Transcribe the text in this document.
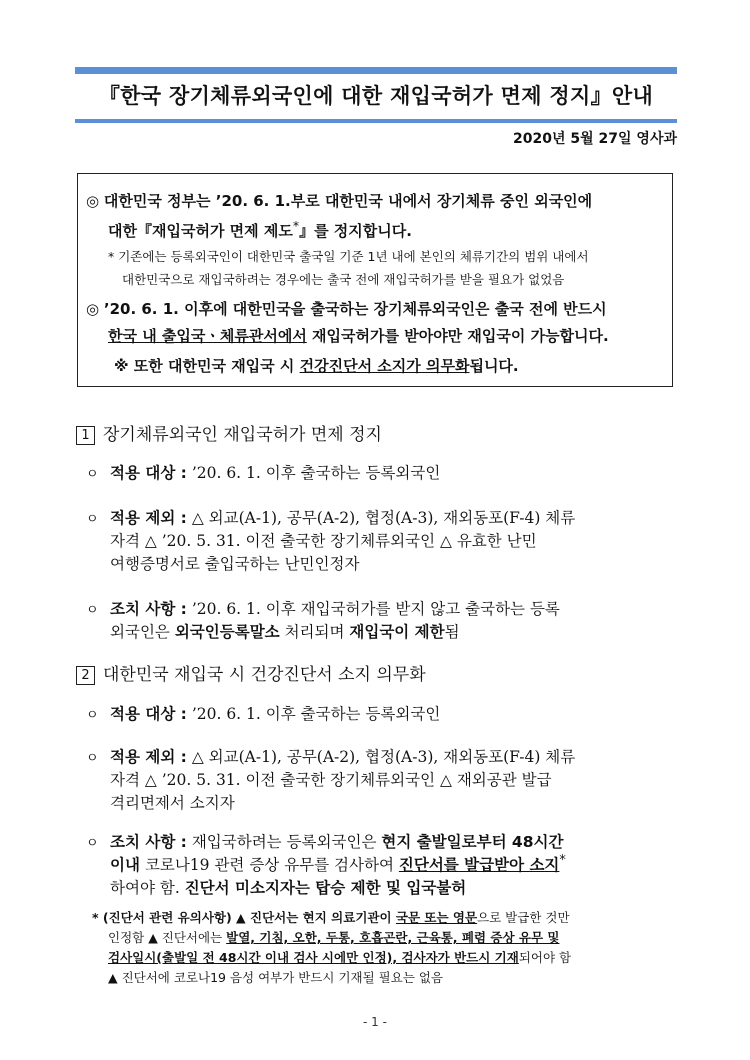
『한국 장기체류외국인에 대한 재입국허가 면제 정지』안내
2020년 5월 27일 영사과
◎ 대한민국 정부는 ’20. 6. 1.부로 대한민국 내에서 장기체류 중인 외국인에
대한『재입국허가 면제 제도*』를 정지합니다.
* 기존에는 등록외국인이 대한민국 출국일 기준 1년 내에 본인의 체류기간의 범위 내에서
대한민국으로 재입국하려는 경우에는 출국 전에 재입국허가를 받을 필요가 없었음
◎ ’20. 6. 1. 이후에 대한민국을 출국하는 장기체류외국인은 출국 전에 반드시
한국 내 출입국ㆍ체류관서에서 재입국허가를 받아야만 재입국이 가능합니다.
※ 또한 대한민국 재입국 시 건강진단서 소지가 의무화됩니다.
1 장기체류외국인 재입국허가 면제 정지
ㅇ 적용 대상 : ’20. 6. 1. 이후 출국하는 등록외국인
ㅇ 적용 제외 : △ 외교(A-1), 공무(A-2), 협정(A-3), 재외동포(F-4) 체류
자격 △ ’20. 5. 31. 이전 출국한 장기체류외국인 △ 유효한 난민
여행증명서로 출입국하는 난민인정자
ㅇ 조치 사항 : ’20. 6. 1. 이후 재입국허가를 받지 않고 출국하는 등록
외국인은 외국인등록말소 처리되며 재입국이 제한됨
2 대한민국 재입국 시 건강진단서 소지 의무화
ㅇ 적용 대상 : ’20. 6. 1. 이후 출국하는 등록외국인
ㅇ 적용 제외 : △ 외교(A-1), 공무(A-2), 협정(A-3), 재외동포(F-4) 체류
자격 △ ’20. 5. 31. 이전 출국한 장기체류외국인 △ 재외공관 발급
격리면제서 소지자
ㅇ 조치 사항 : 재입국하려는 등록외국인은 현지 출발일로부터 48시간
이내 코로나19 관련 증상 유무를 검사하여 진단서를 발급받아 소지*
하여야 함. 진단서 미소지자는 탑승 제한 및 입국불허
* (진단서 관련 유의사항) ▲ 진단서는 현지 의료기관이 국문 또는 영문으로 발급한 것만
인정함 ▲ 진단서에는 발열, 기침, 오한, 두통, 호흡곤란, 근육통, 폐렴 증상 유무 및
검사일시(출발일 전 48시간 이내 검사 시에만 인정), 검사자가 반드시 기재되어야 함
▲ 진단서에 코로나19 음성 여부가 반드시 기재될 필요는 없음
- 1 -
